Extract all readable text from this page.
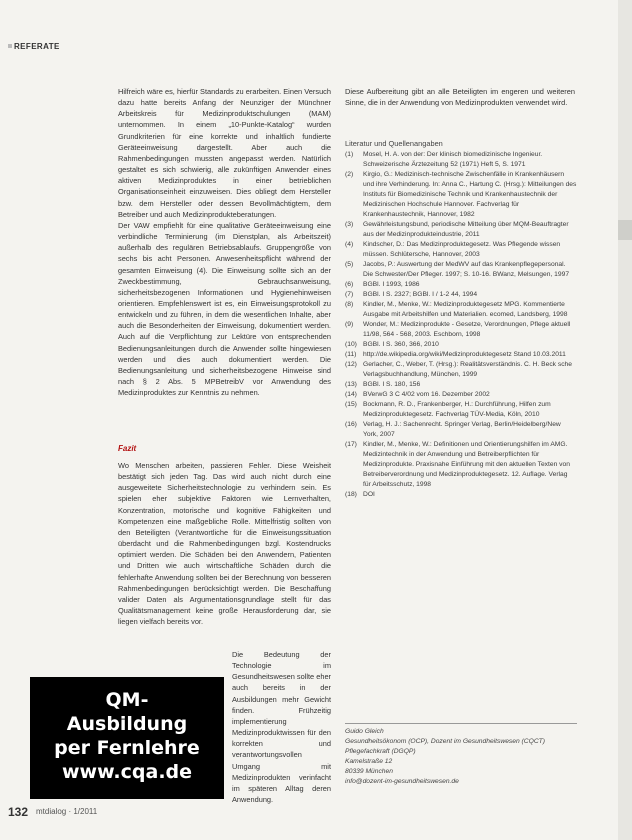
REFERATE

Hilfreich wäre es, hierfür Standards zu erarbeiten. Einen Versuch dazu hatte bereits Anfang der Neunziger der Münchner Arbeitskreis für Medizinproduktschulungen (MAM) unternommen. In einem „10-Punkte-Katalog“ wurden Grundkriterien für eine korrekte und inhaltlich fundierte Geräteeinweisung dargestellt. Aber auch die Rahmenbedingungen mussten angepasst werden. Natürlich gestaltet es sich schwierig, alle zukünftigen Anwender eines aktiven Medizinproduktes in einer betrieblichen Organisationseinheit einzuweisen. Dies obliegt dem Hersteller bzw. dem Hersteller oder dessen Bevollmächtigtem, dem Betreiber und auch Medizinprodukteberatungen.

Der VAW empfiehlt für eine qualitative Geräteeinweisung eine verbindliche Terminierung (im Dienstplan, als Arbeitszeit) außerhalb des regulären Betriebsablaufs. Gruppengröße von sechs bis acht Personen. Anwesenheitspflicht während der gesamten Einweisung (4). Die Einweisung sollte sich an der Zweckbestimmung, Gebrauchsanweisung, sicherheitsbezogenen Informationen und Hygienehinweisen orientieren. Empfehlenswert ist es, ein Einweisungsprotokoll zu entwickeln und zu führen, in dem die wesentlichen Inhalte, aber auch die Besonderheiten der Einweisung, dokumentiert werden. Auch auf die Verpflichtung zur Lektüre von entsprechenden Bedienungsanleitungen durch die Anwender sollte hingewiesen werden und dies auch dokumentiert werden. Die Bedienungsanleitung und sicherheitsbezogene Hinweise sind nach § 2 Abs. 5 MPBetreibV vor Anwendung des Medizinproduktes zur Kenntnis zu nehmen.

Fazit

Wo Menschen arbeiten, passieren Fehler. Diese Weisheit bestätigt sich jeden Tag. Das wird auch nicht durch eine ausgeweitete Sicherheitstechnologie zu verhindern sein. Es spielen eher subjektive Faktoren wie Lernverhalten, Konzentration, motorische und kognitive Fähigkeiten und Kompetenzen eine maßgebliche Rolle. Mittelfristig sollten von den Beteiligten (Verantwortliche für die Einweisungssituation überdacht und die Rahmenbedingungen bzgl. Kostendrucks optimiert werden. Die Schäden bei den Anwendern, Patienten und Dritten wie auch wirtschaftliche Schäden durch die fehlerhafte Anwendung sollten bei der Berechnung von besseren Rahmenbedingungen berücksichtigt werden. Die Beschaffung valider Daten als Argumentationsgrundlage stellt für das Qualitätsmanagement keine große Herausforderung dar, sie liegen vielfach bereits vor.

Die Bedeutung der Technologie im Gesundheitswesen sollte eher auch bereits in der Ausbildungen mehr Gewicht finden. Frühzeitig implementierung Medizinproduktwissen für den korrekten und verantwortungsvollen Umgang mit Medizinprodukten verinfacht im späteren Alltag deren Anwendung.

Diese Aufbereitung gibt an alle Beteiligten im engeren und weiteren Sinne, die in der Anwendung von Medizinprodukten verwendet wird.

Literatur und Quellenangaben
(1)	Mosel, H. A. von der: Der klinisch biomedizinische Ingenieur. Schweizerische Ärztezeitung 52 (1971) Heft 5, S. 1971
(2)	Kirgio, G.: Medizinisch-technische Zwischenfälle in Krankenhäusern und ihre Verhinderung. In: Anna C., Hartung C. (Hrsg.): Mitteilungen des Instituts für Biomedizinische Technik und Krankenhaustechnik der Medizinischen Hochschule Hannover. Fachverlag für Krankenhaustechnik, Hannover, 1982
(3)	Gewährleistungsbund, periodische Mitteilung über MQM-Beauftragter aus der Medizinprodukteindustrie, 2011
(4)	Kindscher, D.: Das Medizinproduktegesetz. Was Pflegende wissen müssen. Schlütersche, Hannover, 2003
(5)	Jacobs, P.: Auswertung der MedWV auf das Krankenpflegepersonal. Die Schwester/Der Pfleger. 1997; S. 10-16. BWanz, Melsungen, 1997
(6)	BGBl. I 1993, 1986
(7)	BGBl. I S. 2327; BGBl. I / 1-2 44, 1994
(8)	Kindler, M., Menke, W.: Medizinproduktegesetz MPG. Kommentierte Ausgabe mit Arbeitshilfen und Materialien. ecomed, Landsberg, 1998
(9)	Wonder, M.: Medizinprodukte - Gesetze, Verordnungen, Pflege aktuell 11/98, 564 - 568, 2003. Eschborn, 1998
(10) BGBl. I S. 360, 366, 2010
(11) http://de.wikipedia.org/wiki/Medizinproduktegesetz Stand 10.03.2011
(12) Gerlacher, C., Weber, T. (Hrsg.): Realitätsverständnis. C. H. Beck sche Verlagsbuchhandlung, München, 1999
(13) BGBl. I S. 180, 156
(14) BVerwG 3 C 4/02 vom 16. Dezember 2002
(15) Bockmann, R. D., Frankenberger, H.: Durchführung, Hilfen zum Medizinproduktegesetz. Fachverlag TÜV-Media, Köln, 2010
(16) Verlag, H. J.: Sachenrecht. Springer Verlag, Berlin/Heidelberg/New York, 2007
(17) Kindler, M., Menke, W.: Definitionen und Orientierungshilfen im AMG. Medizintechnik in der Anwendung und Betreiberpflichten für Medizinprodukte. Praxisnahe Einführung mit den aktuellen Texten von Betreiberverordnung und Medizinproduktegesetz. 12. Auflage. Verlag für Arbeitsschutz, 1998
(18) DOI
Guido Gleich
Gesundheitsökonom (OCP), Dozent im Gesundheitswesen (CQCT)
Pflegefachkraft (DGQP)
Kamelstraße 12
80339 München
info@dozent-im-gesundheitswesen.de
QM-
Ausbildung
per Fernlehre
www.cqa.de
132 mtdialog · 1/2011
